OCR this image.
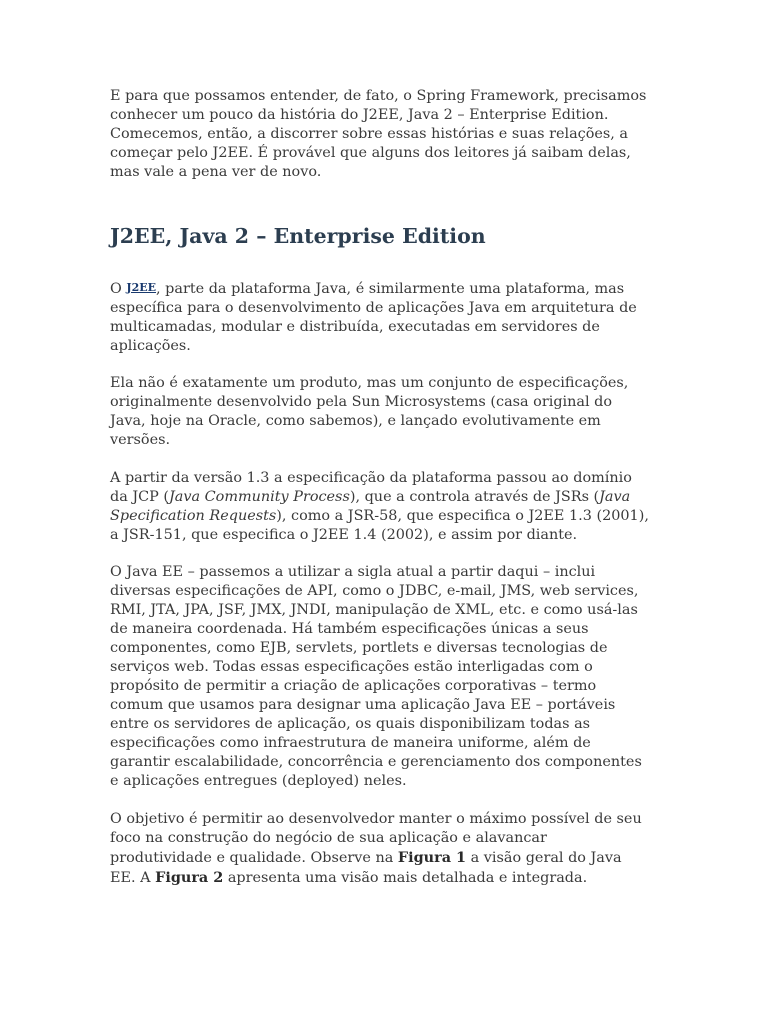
E para que possamos entender, de fato, o Spring Framework, precisamos conhecer um pouco da história do J2EE, Java 2 – Enterprise Edition. Comecemos, então, a discorrer sobre essas histórias e suas relações, a começar pelo J2EE. É provável que alguns dos leitores já saibam delas, mas vale a pena ver de novo.

J2EE, Java 2 – Enterprise Edition

O J2EE, parte da plataforma Java, é similarmente uma plataforma, mas específica para o desenvolvimento de aplicações Java em arquitetura de multicamadas, modular e distribuída, executadas em servidores de aplicações.

Ela não é exatamente um produto, mas um conjunto de especificações, originalmente desenvolvido pela Sun Microsystems (casa original do Java, hoje na Oracle, como sabemos), e lançado evolutivamente em versões.

A partir da versão 1.3 a especificação da plataforma passou ao domínio da JCP (Java Community Process), que a controla através de JSRs (Java Specification Requests), como a JSR-58, que especifica o J2EE 1.3 (2001), a JSR-151, que especifica o J2EE 1.4 (2002), e assim por diante.

O Java EE – passemos a utilizar a sigla atual a partir daqui – inclui diversas especificações de API, como o JDBC, e-mail, JMS, web services, RMI, JTA, JPA, JSF, JMX, JNDI, manipulação de XML, etc. e como usá-las de maneira coordenada. Há também especificações únicas a seus componentes, como EJB, servlets, portlets e diversas tecnologias de serviços web. Todas essas especificações estão interligadas com o propósito de permitir a criação de aplicações corporativas – termo comum que usamos para designar uma aplicação Java EE – portáveis entre os servidores de aplicação, os quais disponibilizam todas as especificações como infraestrutura de maneira uniforme, além de garantir escalabilidade, concorrência e gerenciamento dos componentes e aplicações entregues (deployed) neles.

O objetivo é permitir ao desenvolvedor manter o máximo possível de seu foco na construção do negócio de sua aplicação e alavancar produtividade e qualidade. Observe na Figura 1 a visão geral do Java EE. A Figura 2 apresenta uma visão mais detalhada e integrada.
